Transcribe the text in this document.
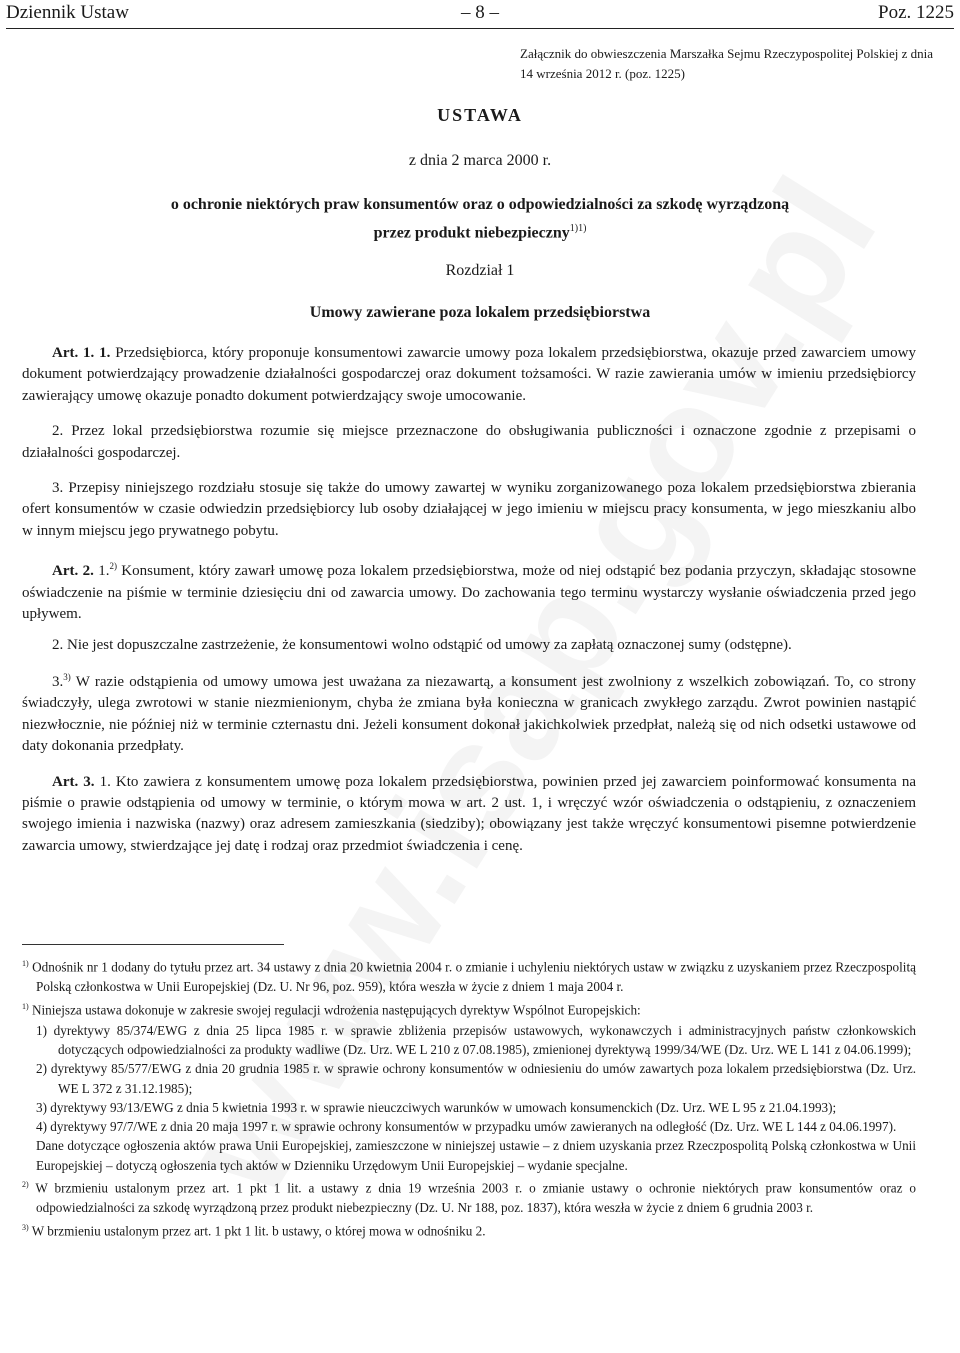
Dziennik Ustaw	– 8 –	Poz. 1225
Załącznik do obwieszczenia Marszałka Sejmu Rzeczypospolitej Polskiej z dnia 14 września 2012 r. (poz. 1225)
USTAWA
z dnia 2 marca 2000 r.
o ochronie niektórych praw konsumentów oraz o odpowiedzialności za szkodę wyrządzoną
przez produkt niebezpieczny$^{1)1)}$
Rozdział 1
Umowy zawierane poza lokalem przedsiębiorstwa

Art. 1. 1. Przedsiębiorca, który proponuje konsumentowi zawarcie umowy poza lokalem przedsiębiorstwa, okazuje przed zawarciem umowy dokument potwierdzający prowadzenie działalności gospodarczej oraz dokument tożsamości. W razie zawierania umów w imieniu przedsiębiorcy zawierający umowę okazuje ponadto dokument potwierdzający swoje umocowanie.

2. Przez lokal przedsiębiorstwa rozumie się miejsce przeznaczone do obsługiwania publiczności i oznaczone zgodnie z przepisami o działalności gospodarczej.

3. Przepisy niniejszego rozdziału stosuje się także do umowy zawartej w wyniku zorganizowanego poza lokalem przedsiębiorstwa zbierania ofert konsumentów w czasie odwiedzin przedsiębiorcy lub osoby działającej w jego imieniu w miejscu pracy konsumenta, w jego mieszkaniu albo w innym miejscu jego prywatnego pobytu.

Art. 2. 1.$^{2)}$ Konsument, który zawarł umowę poza lokalem przedsiębiorstwa, może od niej odstąpić bez podania przyczyn, składając stosowne oświadczenie na piśmie w terminie dziesięciu dni od zawarcia umowy. Do zachowania tego terminu wystarczy wysłanie oświadczenia przed jego upływem.

2. Nie jest dopuszczalne zastrzeżenie, że konsumentowi wolno odstąpić od umowy za zapłatą oznaczonej sumy (odstępne).

3.$^{3)}$ W razie odstąpienia od umowy umowa jest uważana za niezawartą, a konsument jest zwolniony z wszelkich zobowiązań. To, co strony świadczyły, ulega zwrotowi w stanie niezmienionym, chyba że zmiana była konieczna w granicach zwykłego zarządu. Zwrot powinien nastąpić niezwłocznie, nie później niż w terminie czternastu dni. Jeżeli konsument dokonał jakichkolwiek przedpłat, należą się od nich odsetki ustawowe od daty dokonania przedpłaty.

Art. 3. 1. Kto zawiera z konsumentem umowę poza lokalem przedsiębiorstwa, powinien przed jej zawarciem poinformować konsumenta na piśmie o prawie odstąpienia od umowy w terminie, o którym mowa w art. 2 ust. 1, i wręczyć wzór oświadczenia o odstąpieniu, z oznaczeniem swojego imienia i nazwiska (nazwy) oraz adresem zamieszkania (siedziby); obowiązany jest także wręczyć konsumentowi pisemne potwierdzenie zawarcia umowy, stwierdzające jej datę i rodzaj oraz przedmiot świadczenia i cenę.

$^{1)}$ Odnośnik nr 1 dodany do tytułu przez art. 34 ustawy z dnia 20 kwietnia 2004 r. o zmianie i uchyleniu niektórych ustaw w związku z uzyskaniem przez Rzeczpospolitą Polską członkostwa w Unii Europejskiej (Dz. U. Nr 96, poz. 959), która weszła w życie z dniem 1 maja 2004 r.
$^{1)}$ Niniejsza ustawa dokonuje w zakresie swojej regulacji wdrożenia następujących dyrektyw Wspólnot Europejskich:
1) dyrektywy 85/374/EWG z dnia 25 lipca 1985 r. w sprawie zbliżenia przepisów ustawowych, wykonawczych i administracyjnych państw członkowskich dotyczących odpowiedzialności za produkty wadliwe (Dz. Urz. WE L 210 z 07.08.1985), zmienionej dyrektywą 1999/34/WE (Dz. Urz. WE L 141 z 04.06.1999);
2) dyrektywy 85/577/EWG z dnia 20 grudnia 1985 r. w sprawie ochrony konsumentów w odniesieniu do umów zawartych poza lokalem przedsiębiorstwa (Dz. Urz. WE L 372 z 31.12.1985);
3) dyrektywy 93/13/EWG z dnia 5 kwietnia 1993 r. w sprawie nieuczciwych warunków w umowach konsumenckich (Dz. Urz. WE L 95 z 21.04.1993);
4) dyrektywy 97/7/WE z dnia 20 maja 1997 r. w sprawie ochrony konsumentów w przypadku umów zawieranych na odległość (Dz. Urz. WE L 144 z 04.06.1997).
Dane dotyczące ogłoszenia aktów prawa Unii Europejskiej, zamieszczone w niniejszej ustawie – z dniem uzyskania przez Rzeczpospolitą Polską członkostwa w Unii Europejskiej – dotyczą ogłoszenia tych aktów w Dzienniku Urzędowym Unii Europejskiej – wydanie specjalne.
$^{2)}$ W brzmieniu ustalonym przez art. 1 pkt 1 lit. a ustawy z dnia 19 września 2003 r. o zmianie ustawy o ochronie niektórych praw konsumentów oraz o odpowiedzialności za szkodę wyrządzoną przez produkt niebezpieczny (Dz. U. Nr 188, poz. 1837), która weszła w życie z dniem 6 grudnia 2003 r.
$^{3)}$ W brzmieniu ustalonym przez art. 1 pkt 1 lit. b ustawy, o której mowa w odnośniku 2.
